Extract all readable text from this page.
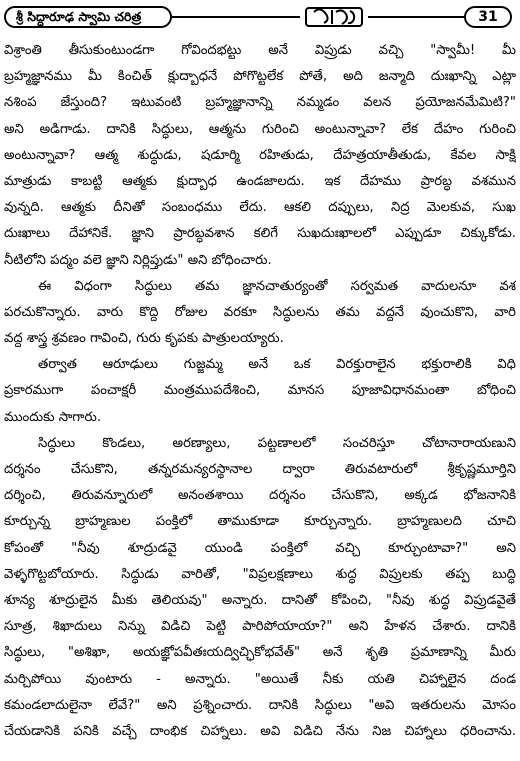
శ్రీ సిద్ధారూఢ స్వామి చరిత్ర	31
విశ్రాంతి తీసుకుంటుండగా గోవిందభట్టు అనే విప్రుడు వచ్చి "స్వామీ! మీ
బ్రహ్మజ్ఞానము మీ కించిత్ క్షుద్బాధనే పోగొట్టలేక పోతే, అది జన్మాది దుఃఖాన్ని ఎట్లా
నశింప జేస్తుంది? ఇటువంటి బ్రహ్మజ్ఞానాన్ని నమ్మడం వలన ప్రయోజనమేమిటి?"
అని అడిగాడు. దానికి సిద్ధులు, ఆత్మను గురించి అంటున్నావా? లేక దేహం గురించి
అంటున్నావా? ఆత్మ శుద్ధుడు, షడూర్మి రహితుడు, దేహత్రయాతీతుడు, కేవల సాక్షి
మాత్రుడు కాబట్టి ఆత్మకు క్షుద్బాధ ఉండజాలదు. ఇక దేహము ప్రారబ్ధ వశమున
వున్నది. ఆత్మకు దీనితో సంబంధము లేదు. ఆకలి దప్పులు, నిద్ర మెలకువ, సుఖ
దుఃఖాలు దేహానికే. జ్ఞాని ప్రారబ్ధవశాన కలిగే సుఖదుఃఖాలలో ఎప్పుడూ చిక్కుకోడు.
నీటిలోని పద్మం వలె జ్ఞాని నిర్లిప్తుడు" అని బోధించారు.
ఈ విధంగా సిద్ధులు తమ జ్ఞానచాతుర్యంతో సర్వమత వాదులనూ వశ
పరచుకొన్నారు. వారు కొద్ది రోజుల వరకూ సిద్ధులను తమ వద్దనే వుంచుకొని, వారి
వద్ద శాస్త్ర శ్రవణం గావించి, గురు కృపకు పాత్రులయ్యారు.
తర్వాత ఆరూఢులు గుజ్జమ్మ అనే ఒక విరక్తురాలైన భక్తురాలికి విధి
ప్రకారముగా పంచాక్షరీ మంత్రముపదేశించి, మానస పూజావిధానమంతా బోధించి
ముందుకు సాగారు.
సిద్ధులు కొండలు, అరణ్యాలు, పట్టణాలలో సంచరిస్తూ చోటానారాయణుని
దర్శనం చేసుకొని, తన్నరమన్యరస్థానాల ద్వారా తిరువటారులో శ్రీకృష్ణమూర్తిని
దర్శించి, తిరువన్నూరులో అనంతశాయి దర్శనం చేసుకొని, అక్కడ భోజనానికి
కూర్చున్న బ్రాహ్మణుల పంక్తిలో తాముకూడా కూర్చున్నారు. బ్రాహ్మణులది చూచి
కోపంతో "నీవు శూద్రుడవై యుండి పంక్తిలో వచ్చి కూర్చుంటావా?" అని
వెళ్ళగొట్టబోయారు. సిద్ధుడు వారితో, "విప్రలక్షణాలు శుద్ధ విప్రులకు తప్ప బుద్ధి
శూన్య శూద్రులైన మీకు తెలియవు" అన్నారు. దానితో కోపించి, "నీవు శుద్ధ విప్రుడవైతే
సూత్ర, శిఖాదులు నిన్ను విడిచి పెట్టి పారిపోయాయా?" అని హేళన చేశారు. దానికి
సిద్ధులు, "అశిఖా, అయజ్ఞోపవీతఃయద్విచ్ఛికోభవేత్" అనే శృతి ప్రమాణాన్ని మీరు
మర్చిపోయి వుంటారు - అన్నారు. "అయితే నీకు యతి చిహ్నాలైన దండ
కమండలాదులైనా లేవే?" అని ప్రశ్నించారు. దానికి సిద్ధులు "అవి ఇతరులను మోసం
చేయడానికి పనికి వచ్చే దాంభిక చిహ్నాలు. అవి విడిచి నేను నిజ చిహ్నాలు ధరించాను.
